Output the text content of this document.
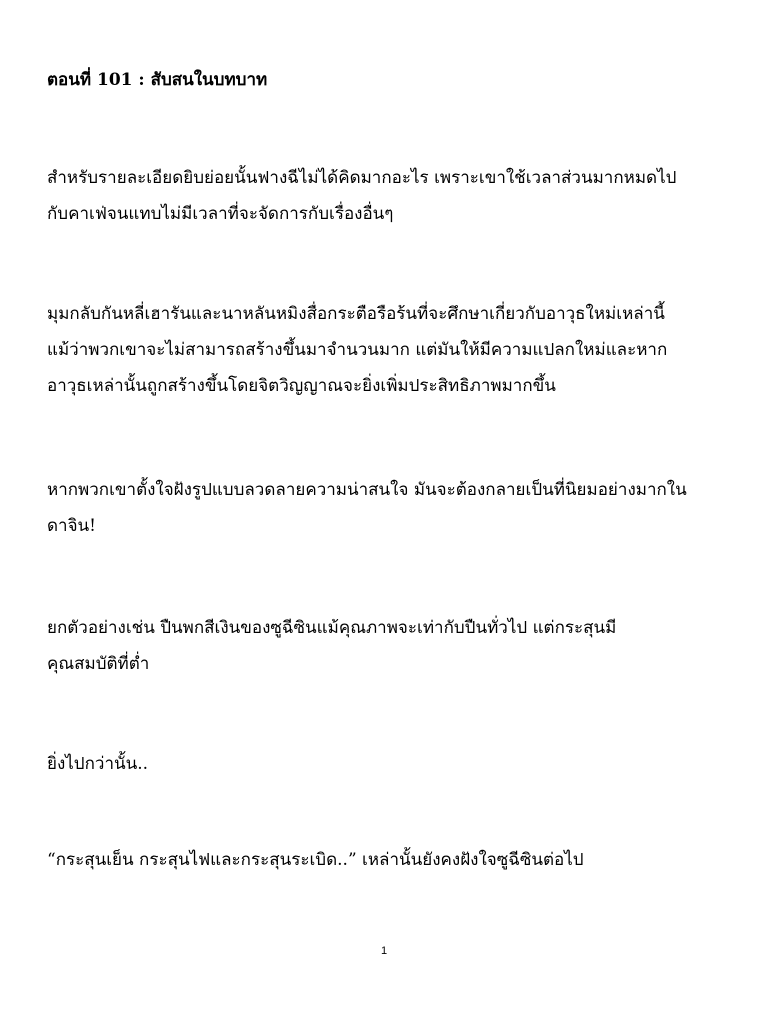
ตอนที่ 101 : สับสนในบทบาท
สำหรับรายละเอียดยิบย่อยนั้นฟางฉีไม่ได้คิดมากอะไร เพราะเขาใช้เวลาส่วนมากหมดไป
กับคาเฟ่จนแทบไม่มีเวลาที่จะจัดการกับเรื่องอื่นๆ
มุมกลับกันหลี่เฮารันและนาหลันหมิงสื่อกระตือรือร้นที่จะศึกษาเกี่ยวกับอาวุธใหม่เหล่านี้
แม้ว่าพวกเขาจะไม่สามารถสร้างขึ้นมาจำนวนมาก แต่มันให้มีความแปลกใหม่และหาก
อาวุธเหล่านั้นถูกสร้างขึ้นโดยจิตวิญญาณจะยิ่งเพิ่มประสิทธิภาพมากขึ้น
หากพวกเขาตั้งใจฝังรูปแบบลวดลายความน่าสนใจ มันจะต้องกลายเป็นที่นิยมอย่างมากใน
ดาจิน!
ยกตัวอย่างเช่น ปืนพกสีเงินของซูฉีซินแม้คุณภาพจะเท่ากับปืนทั่วไป แต่กระสุนมี
คุณสมบัติที่ต่ำ
ยิ่งไปกว่านั้น..
“กระสุนเย็น กระสุนไฟและกระสุนระเบิด..” เหล่านั้นยังคงฝังใจซูฉีซินต่อไป
1
